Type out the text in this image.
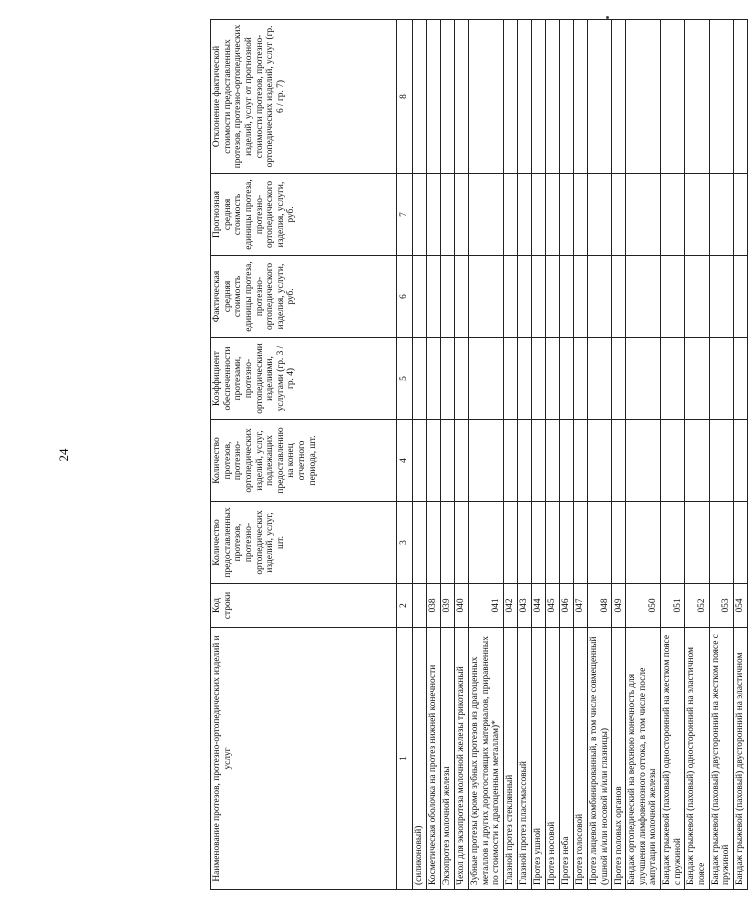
24
Наименование протезов, протезно-ортопедических изделий и услуг	Код строки	Количество предоставленных протезов, протезно-ортопедических изделий, услуг, шт.	Количество протезов, протезно-ортопедических изделий, услуг, подлежащих предоставлению на конец отчетного периода, шт.	Коэффициент обеспеченности протезами, протезно-ортопедическими изделиями, услугами (гр. 3 / гр. 4)	Фактическая средняя стоимость единицы протеза, протезно-ортопедического изделия, услуги, руб.	Прогнозная средняя стоимость единицы протеза, протезно-ортопедического изделия, услуги, руб.	Отклонение фактической стоимости предоставленных протезов, протезно-ортопедических изделий, услуг от прогнозной стоимости протезов, протезно-ортопедических изделий, услуг (гр. 6 / гр. 7)
1	2	3	4	5	6	7	8
(силиконовый)							
Косметическая оболочка на протез нижней конечности	038						
Экзопротез молочной железы	039						
Чехол для экзопротеза молочной железы трикотажный	040						
Зубные протезы (кроме зубных протезов из драгоценных металлов и других дорогостоящих материалов, приравненных по стоимости к драгоценным металлам)*	041						
Глазной протез стеклянный	042						
Глазной протез пластмассовый	043						
Протез ушной	044						
Протез носовой	045						
Протез неба	046						
Протез голосовой	047						
Протез лицевой комбинированный, в том числе совмещенный (ушной и/или носовой и/или глазницы)	048						
Протез половых органов	049						
Бандаж ортопедический на верхнюю конечность для улучшения лимфовенозного оттока, в том числе после ампутации молочной железы	050						
Бандаж грыжевой (паховый) односторонний на жестком поясе с пружиной	051						
Бандаж грыжевой (паховый) односторонний на эластичном поясе	052						
Бандаж грыжевой (паховый) двусторонний на жестком поясе с пружиной	053						
Бандаж грыжевой (паховый) двусторонний на эластичном	054						
